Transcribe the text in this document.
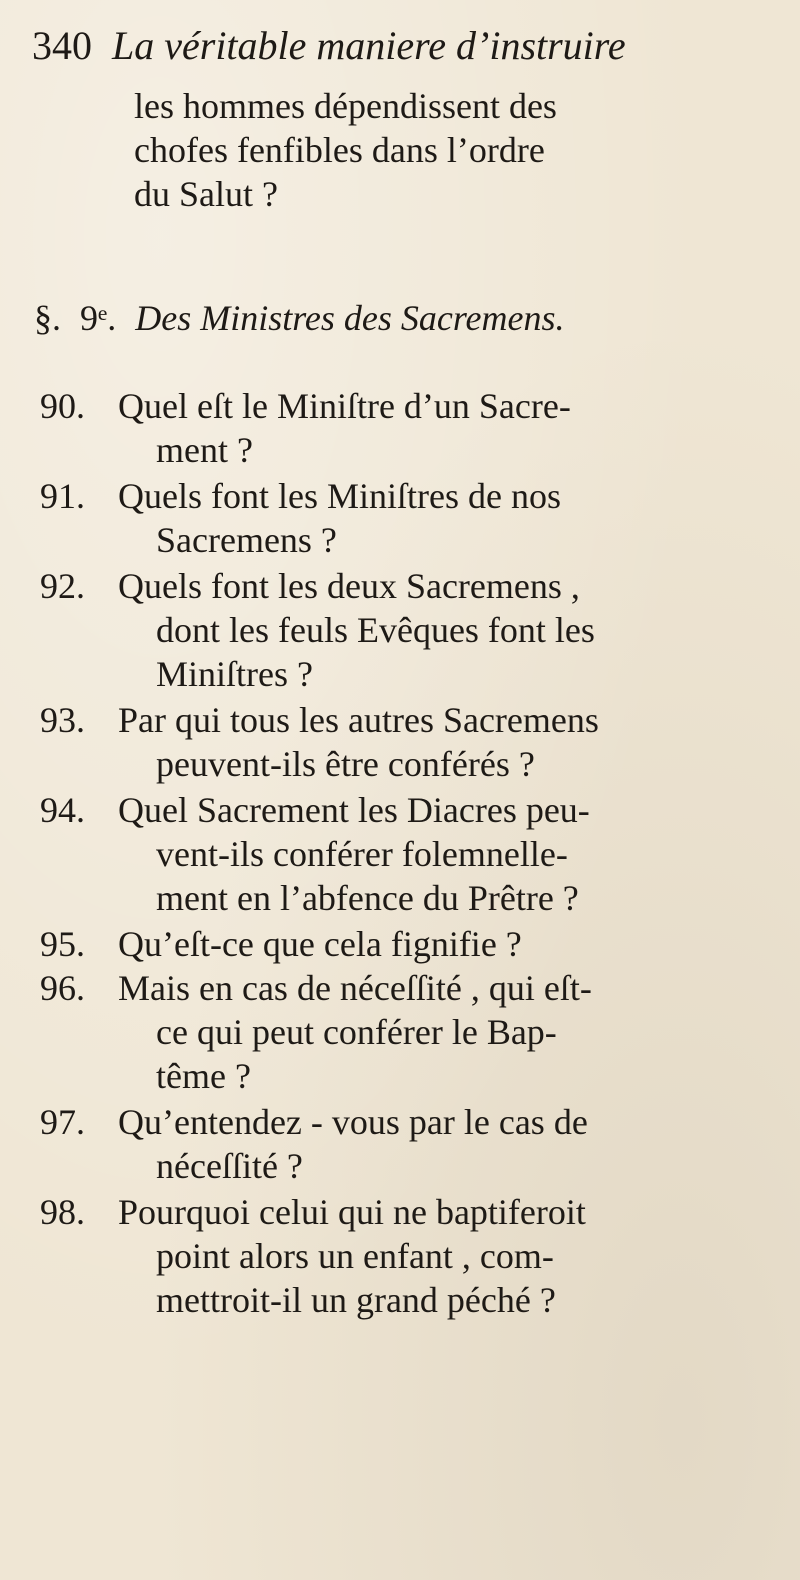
340 La véritable maniere d’instruire
les hommes dépendissent des
chofes fenfibles dans l’ordre
du Salut ?
§. 9ᵉ. Des Ministres des Sacremens.
90. Quel eſt le Miniſtre d’un Sacre-
ment ?
91. Quels font les Miniſtres de nos
Sacremens ?
92. Quels font les deux Sacremens ,
dont les feuls Evêques font les
Miniſtres ?
93. Par qui tous les autres Sacremens
peuvent-ils être conférés ?
94. Quel Sacrement les Diacres peu-
vent-ils conférer folemnelle-
ment en l’abfence du Prêtre ?
95. Qu’eſt-ce que cela fignifie ?
96. Mais en cas de néceſſité , qui eſt-
ce qui peut conférer le Bap-
tême ?
97. Qu’entendez - vous par le cas de
néceſſité ?
98. Pourquoi celui qui ne baptiferoit
point alors un enfant , com-
mettroit-il un grand péché ?
